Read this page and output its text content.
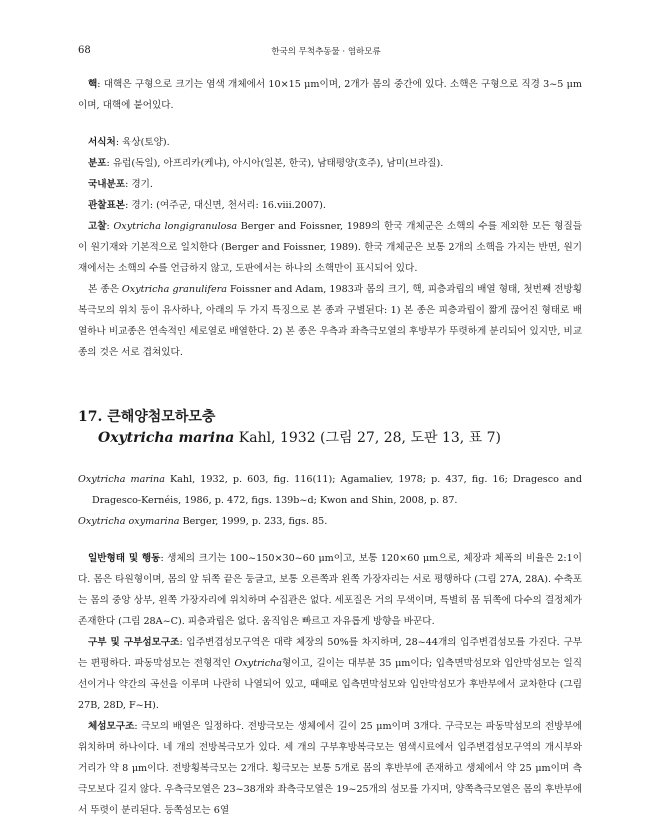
68	한국의 무척추동물 · 염하모류

핵: 대핵은 구형으로 크기는 염색 개체에서 10×15 μm이며, 2개가 몸의 중간에 있다. 소핵은 구형으로 직경 3~5 μm이며, 대핵에 붙어있다.

서식처: 육상(토양).

분포: 유럽(독일), 아프리카(케냐), 아시아(일본, 한국), 남태평양(호주), 남미(브라질).

국내분포: 경기.

관찰표본: 경기: (여주군, 대신면, 천서리: 16.viii.2007).

고찰: Oxytricha longigranulosa Berger and Foissner, 1989의 한국 개체군은 소핵의 수를 제외한 모든 형질들이 원기재와 기본적으로 일치한다 (Berger and Foissner, 1989). 한국 개체군은 보통 2개의 소핵을 가지는 반면, 원기재에서는 소핵의 수를 언급하지 않고, 도판에서는 하나의 소핵만이 표시되어 있다.

본 종은 Oxytricha granulifera Foissner and Adam, 1983과 몸의 크기, 핵, 피층과립의 배열 형태, 첫번째 전방횡복극모의 위치 등이 유사하나, 아래의 두 가지 특징으로 본 종과 구별된다: 1) 본 종은 피층과립이 짧게 끊어진 형태로 배열하나 비교종은 연속적인 세로열로 배열한다. 2) 본 종은 우측과 좌측극모열의 후방부가 뚜렷하게 분리되어 있지만, 비교종의 것은 서로 겹쳐있다.

17. 큰해양첨모하모충
Oxytricha marina Kahl, 1932 (그림 27, 28, 도판 13, 표 7)

Oxytricha marina Kahl, 1932, p. 603, fig. 116(11); Agamaliev, 1978; p. 437, fig. 16; Dragesco and Dragesco-Kernéis, 1986, p. 472, figs. 139b~d; Kwon and Shin, 2008, p. 87.

Oxytricha oxymarina Berger, 1999, p. 233, figs. 85.

일반형태 및 행동: 생체의 크기는 100~150×30~60 μm이고, 보통 120×60 μm으로, 체장과 체폭의 비율은 2:1이다. 몸은 타원형이며, 몸의 앞 뒤쪽 끝은 둥글고, 보통 오른쪽과 왼쪽 가장자리는 서로 평행하다 (그림 27A, 28A). 수축포는 몸의 중앙 상부, 왼쪽 가장자리에 위치하며 수집관은 없다. 세포질은 거의 무색이며, 특별히 몸 뒤쪽에 다수의 결정체가 존재한다 (그림 28A~C). 피층과립은 없다. 움직임은 빠르고 자유롭게 방향을 바꾼다.

구부 및 구부섬모구조: 입주변겹섬모구역은 대략 체장의 50%를 차지하며, 28~44개의 입주변겹섬모를 가진다. 구부는 편평하다. 파동막섬모는 전형적인 Oxytricha형이고, 길이는 대부분 35 μm이다; 입측면막섬모와 입안막섬모는 일직선이거나 약간의 곡선을 이루며 나란히 나열되어 있고, 때때로 입측면막섬모와 입안막섬모가 후반부에서 교차한다 (그림 27B, 28D, F~H).

체섬모구조: 극모의 배열은 일정하다. 전방극모는 생체에서 길이 25 μm이며 3개다. 구극모는 파동막섬모의 전방부에 위치하며 하나이다. 네 개의 전방복극모가 있다. 세 개의 구부후방복극모는 염색시료에서 입주변겹섬모구역의 개시부와 거리가 약 8 μm이다. 전방횡복극모는 2개다. 횡극모는 보통 5개로 몸의 후반부에 존재하고 생체에서 약 25 μm이며 측극모보다 길지 않다. 우측극모열은 23~38개와 좌측극모열은 19~25개의 섬모를 가지며, 양쪽측극모열은 몸의 후반부에서 뚜렷이 분리된다. 등쪽섬모는 6열
